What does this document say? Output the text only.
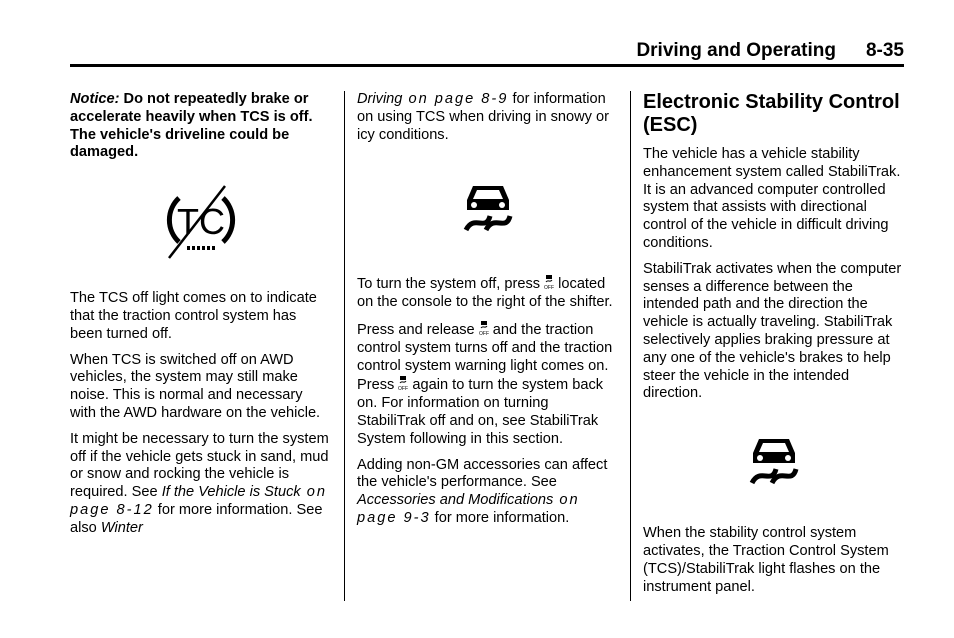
Driving and Operating 8-35

Notice: Do not repeatedly brake or accelerate heavily when TCS is off. The vehicle's driveline could be damaged.

TC

The TCS off light comes on to indicate that the traction control system has been turned off.

When TCS is switched off on AWD vehicles, the system may still make noise. This is normal and necessary with the AWD hardware on the vehicle.

It might be necessary to turn the system off if the vehicle gets stuck in sand, mud or snow and rocking the vehicle is required. See If the Vehicle is Stuck on page 8-12 for more information. See also Winter

Driving on page 8-9 for information on using TCS when driving in snowy or icy conditions.

To turn the system off, press OFF located on the console to the right of the shifter.

Press and release OFF and the traction control system turns off and the traction control system warning light comes on. Press OFF again to turn the system back on. For information on turning StabiliTrak off and on, see StabiliTrak System following in this section.

Adding non-GM accessories can affect the vehicle's performance. See Accessories and Modifications on page 9-3 for more information.

Electronic Stability Control (ESC)

The vehicle has a vehicle stability enhancement system called StabiliTrak. It is an advanced computer controlled system that assists with directional control of the vehicle in difficult driving conditions.

StabiliTrak activates when the computer senses a difference between the intended path and the direction the vehicle is actually traveling. StabiliTrak selectively applies braking pressure at any one of the vehicle's brakes to help steer the vehicle in the intended direction.

When the stability control system activates, the Traction Control System (TCS)/StabiliTrak light flashes on the instrument panel.
